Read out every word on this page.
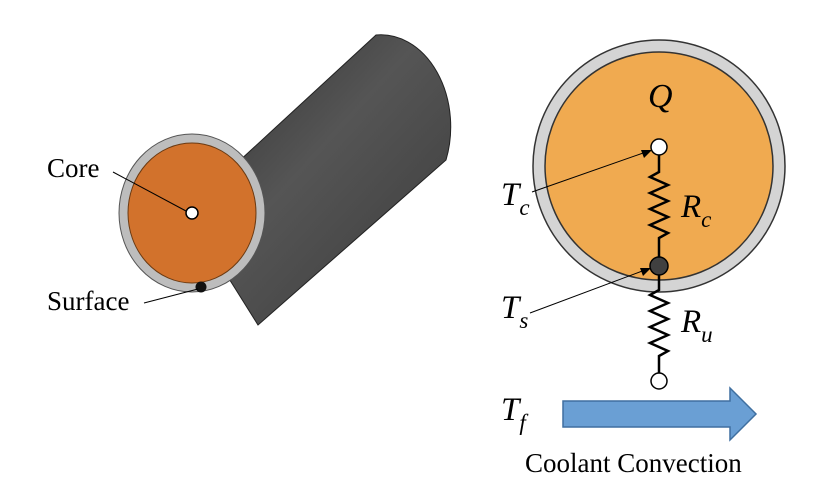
Core
Surface
Q
$T_c$	$R_c$
$T_s$	$R_u$
$T_f$
Coolant Convection
